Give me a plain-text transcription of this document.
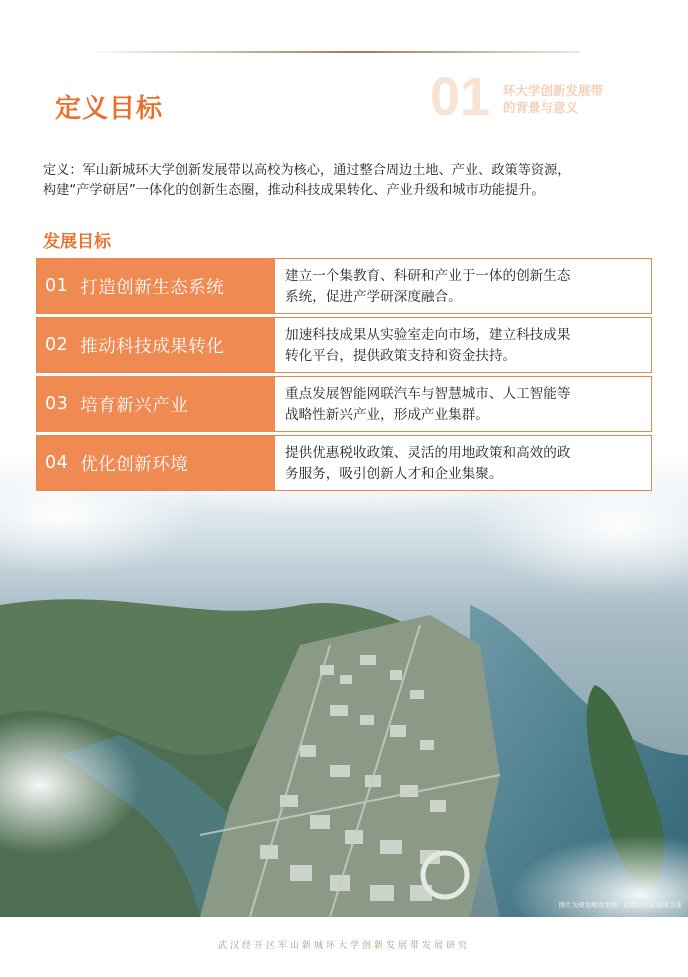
定义目标	01 环大学创新发展带
的背景与意义
定义：军山新城环大学创新发展带以高校为核心，通过整合周边土地、产业、政策等资源，
构建“产学研居”一体化的创新生态圈，推动科技成果转化、产业升级和城市功能提升。
发展目标
01 打造创新生态系统
建立一个集教育、科研和产业于一体的创新生态
系统，促进产学研深度融合。
02 推动科技成果转化
加速科技成果从实验室走向市场，建立科技成果
转化平台，提供政策支持和资金扶持。
03 培育新兴产业
重点发展智能网联汽车与智慧城市、人工智能等
战略性新兴产业，形成产业集群。
04 优化创新环境
提供优惠税收政策、灵活的用地政策和高效的政
务服务，吸引创新人才和企业集聚。
图片为规划期效果图，后续以实际建成为准
武汉经开区军山新城环大学创新发展带发展研究
